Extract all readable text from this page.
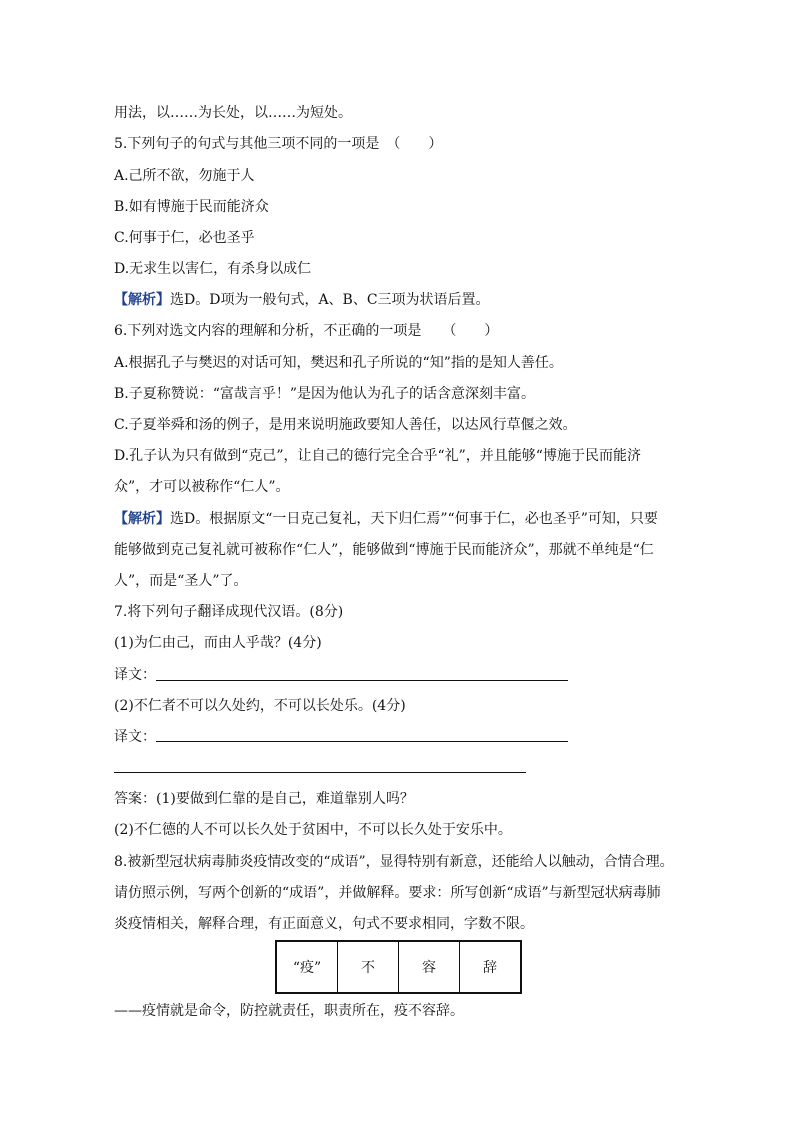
用法，以……为长处，以……为短处。
5.下列句子的句式与其他三项不同的一项是　（　　）
A.己所不欲，勿施于人
B.如有博施于民而能济众
C.何事于仁，必也圣乎
D.无求生以害仁，有杀身以成仁
【解析】选D。D项为一般句式，A、B、C三项为状语后置。
6.下列对选文内容的理解和分析，不正确的一项是　　（　　）
A.根据孔子与樊迟的对话可知，樊迟和孔子所说的“知”指的是知人善任。
B.子夏称赞说：“富哉言乎！”是因为他认为孔子的话含意深刻丰富。
C.子夏举舜和汤的例子，是用来说明施政要知人善任，以达风行草偃之效。
D.孔子认为只有做到“克己”，让自己的德行完全合乎“礼”，并且能够“博施于民而能济
众”，才可以被称作“仁人”。
【解析】选D。根据原文“一日克己复礼，天下归仁焉”“何事于仁，必也圣乎”可知，只要
能够做到克己复礼就可被称作“仁人”，能够做到“博施于民而能济众”，那就不单纯是“仁
人”，而是“圣人”了。
7.将下列句子翻译成现代汉语。(8分)
(1)为仁由己，而由人乎哉？(4分)
译文：
(2)不仁者不可以久处约，不可以长处乐。(4分)
译文：
答案：(1)要做到仁靠的是自己，难道靠别人吗？
(2)不仁德的人不可以长久处于贫困中，不可以长久处于安乐中。
8.被新型冠状病毒肺炎疫情改变的“成语”，显得特别有新意，还能给人以触动，合情合理。
请仿照示例，写两个创新的“成语”，并做解释。要求：所写创新“成语”与新型冠状病毒肺
炎疫情相关，解释合理，有正面意义，句式不要求相同，字数不限。
“疫”	不	容	辞
——疫情就是命令，防控就责任，职责所在，疫不容辞。
